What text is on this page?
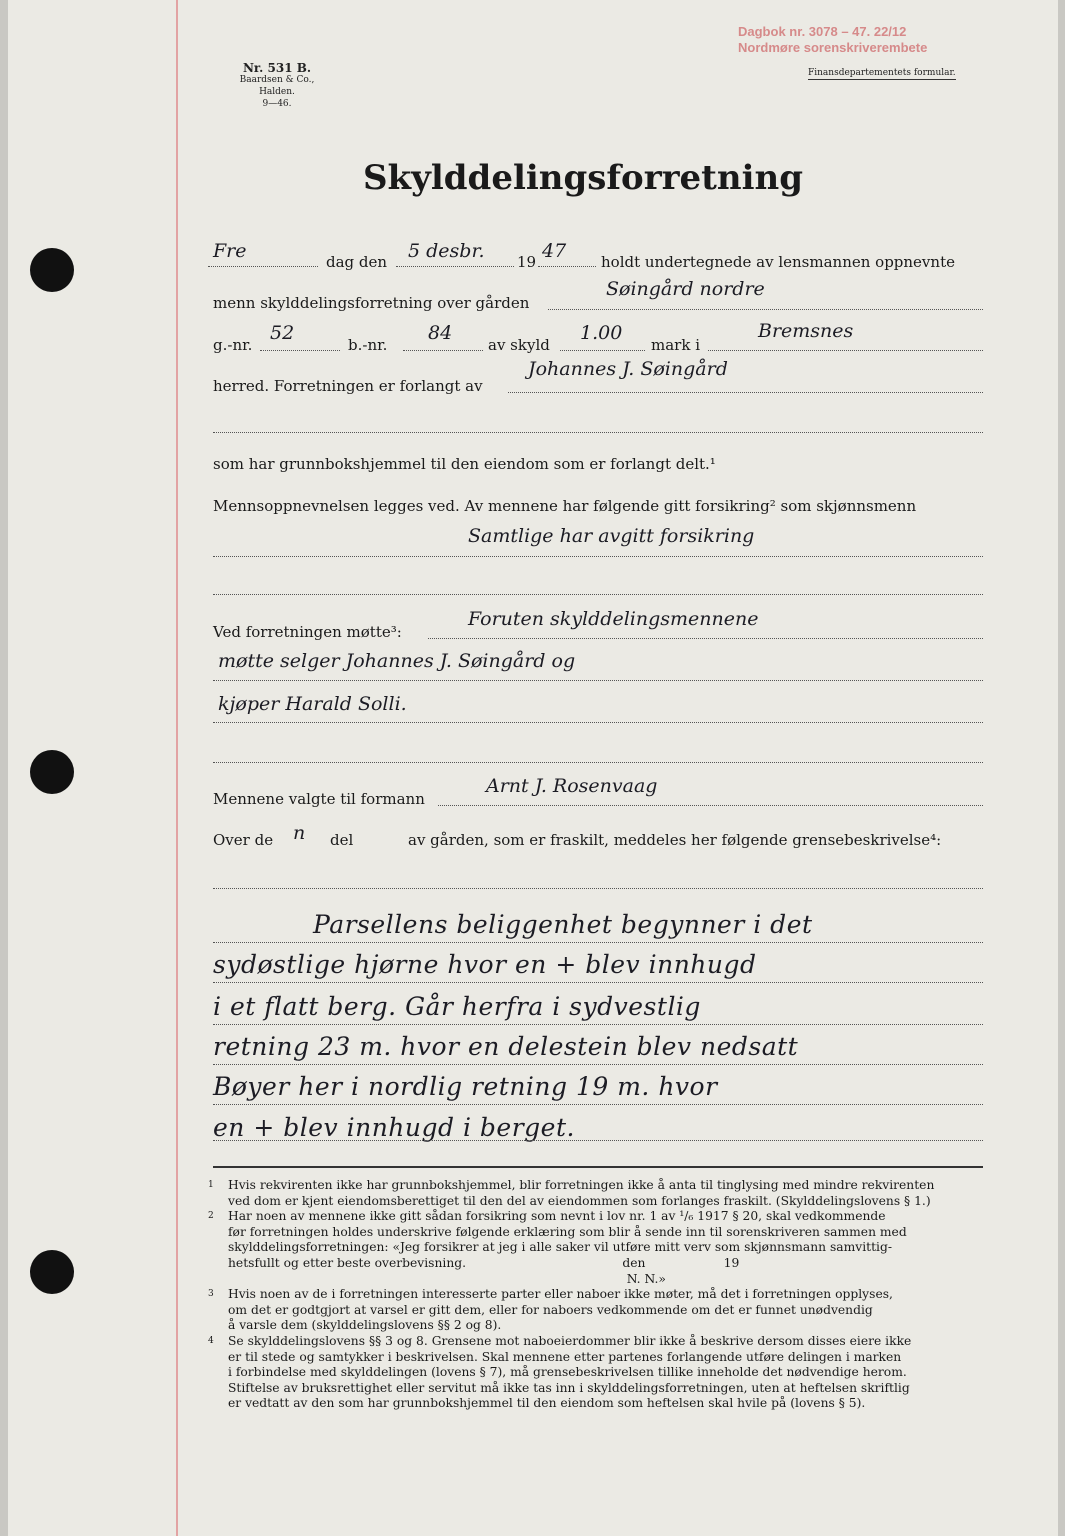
Dagbok nr. 3078 – 47. 22/12
Nordmøre sorenskriverembete
Nr. 531 B.
Baardsen & Co., Halden.
9—46.
Finansdepartementets formular.
Skylddelingsforretning
Fre	dag den 5 desbr. 19 47 holdt undertegnede av lensmannen oppnevnte
menn skylddelingsforretning over gården
Søingård nordre
g.-nr.
52
b.-nr.
84
av skyld
1.00
mark i
Bremsnes
herred. Forretningen er forlangt av
Johannes J. Søingård
som har grunnbokshjemmel til den eiendom som er forlangt delt.¹
Mennsoppnevnelsen legges ved. Av mennene har følgende gitt forsikring² som skjønnsmenn
Samtlige har avgitt forsikring
Ved forretningen møtte³:
Foruten skylddelingsmennene
møtte selger Johannes J. Søingård og
kjøper Harald Solli.
Mennene valgte til formann
Arnt J. Rosenvaag
Over de n del	av gården, som er fraskilt, meddeles her følgende grensebeskrivelse⁴:
Parsellens beliggenhet begynner i det
sydøstlige hjørne hvor en + blev innhugd
i et flatt berg. Går herfra i sydvestlig
retning 23 m. hvor en delestein blev nedsatt
Bøyer her i nordlig retning 19 m. hvor
en + blev innhugd i berget.
1 Hvis rekvirenten ikke har grunnbokshjemmel, blir forretningen ikke å anta til tinglysing med mindre rekvirenten
ved dom er kjent eiendomsberettiget til den del av eiendommen som forlanges fraskilt. (Skylddelingslovens § 1.)
2 Har noen av mennene ikke gitt sådan forsikring som nevnt i lov nr. 1 av ¹/₆ 1917 § 20, skal vedkommende
før forretningen holdes underskrive følgende erklæring som blir å sende inn til sorenskriveren sammen med
skylddelingsforretningen: «Jeg forsikrer at jeg i alle saker vil utføre mitt verv som skjønnsmann samvittig-
hetsfullt og etter beste overbevisning.                                        den                    19
N. N.»
3 Hvis noen av de i forretningen interesserte parter eller naboer ikke møter, må det i forretningen opplyses,
om det er godtgjort at varsel er gitt dem, eller for naboers vedkommende om det er funnet unødvendig
å varsle dem (skylddelingslovens §§ 2 og 8).
4 Se skylddelingslovens §§ 3 og 8. Grensene mot naboeierdommer blir ikke å beskrive dersom disses eiere ikke
er til stede og samtykker i beskrivelsen. Skal mennene etter partenes forlangende utføre delingen i marken
i forbindelse med skylddelingen (lovens § 7), må grensebeskrivelsen tillike inneholde det nødvendige herom.
Stiftelse av bruksrettighet eller servitut må ikke tas inn i skylddelingsforretningen, uten at heftelsen skriftlig
er vedtatt av den som har grunnbokshjemmel til den eiendom som heftelsen skal hvile på (lovens § 5).
